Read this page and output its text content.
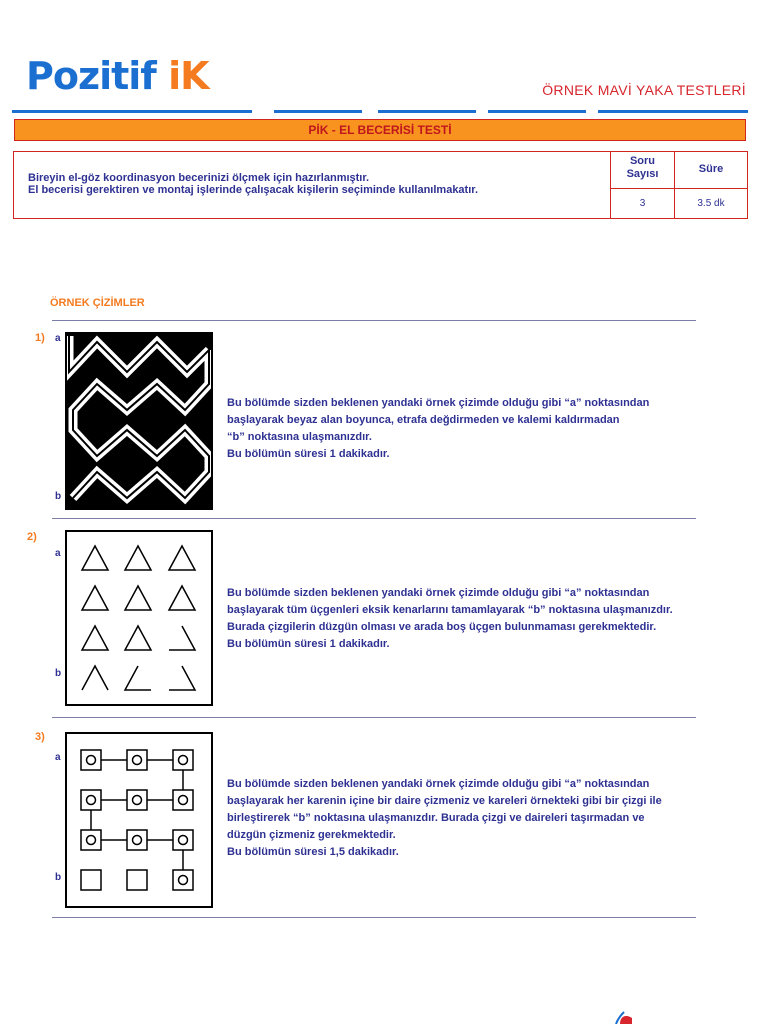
Pozitif iK	ÖRNEK MAVİ YAKA TESTLERİ
PİK - EL BECERİSİ TESTİ
Bireyin el-göz koordinasyon becerinizi ölçmek için hazırlanmıştır.
El becerisi gerektiren ve montaj işlerinde çalışacak kişilerin seçiminde kullanılmakatır.
Soru
Sayısı	Süre
3	3.5 dk
ÖRNEK ÇİZİMLER
1) a
b
Bu bölümde sizden beklenen yandaki örnek çizimde olduğu gibi “a” noktasından
başlayarak beyaz alan boyunca, etrafa değdirmeden ve kalemi kaldırmadan
“b” noktasına ulaşmanızdır.
Bu bölümün süresi 1 dakikadır.
2)
a
b
Bu bölümde sizden beklenen yandaki örnek çizimde olduğu gibi “a” noktasından
başlayarak tüm üçgenleri eksik kenarlarını tamamlayarak “b” noktasına ulaşmanızdır.
Burada çizgilerin düzgün olması ve arada boş üçgen bulunmaması gerekmektedir.
Bu bölümün süresi 1 dakikadır.
3)
a
b
Bu bölümde sizden beklenen yandaki örnek çizimde olduğu gibi “a” noktasından
başlayarak her karenin içine bir daire çizmeniz ve kareleri örnekteki gibi bir çizgi ile
birleştirerek “b” noktasına ulaşmanızdır. Burada çizgi ve daireleri taşırmadan ve
düzgün çizmeniz gerekmektedir.
Bu bölümün süresi 1,5 dakikadır.
